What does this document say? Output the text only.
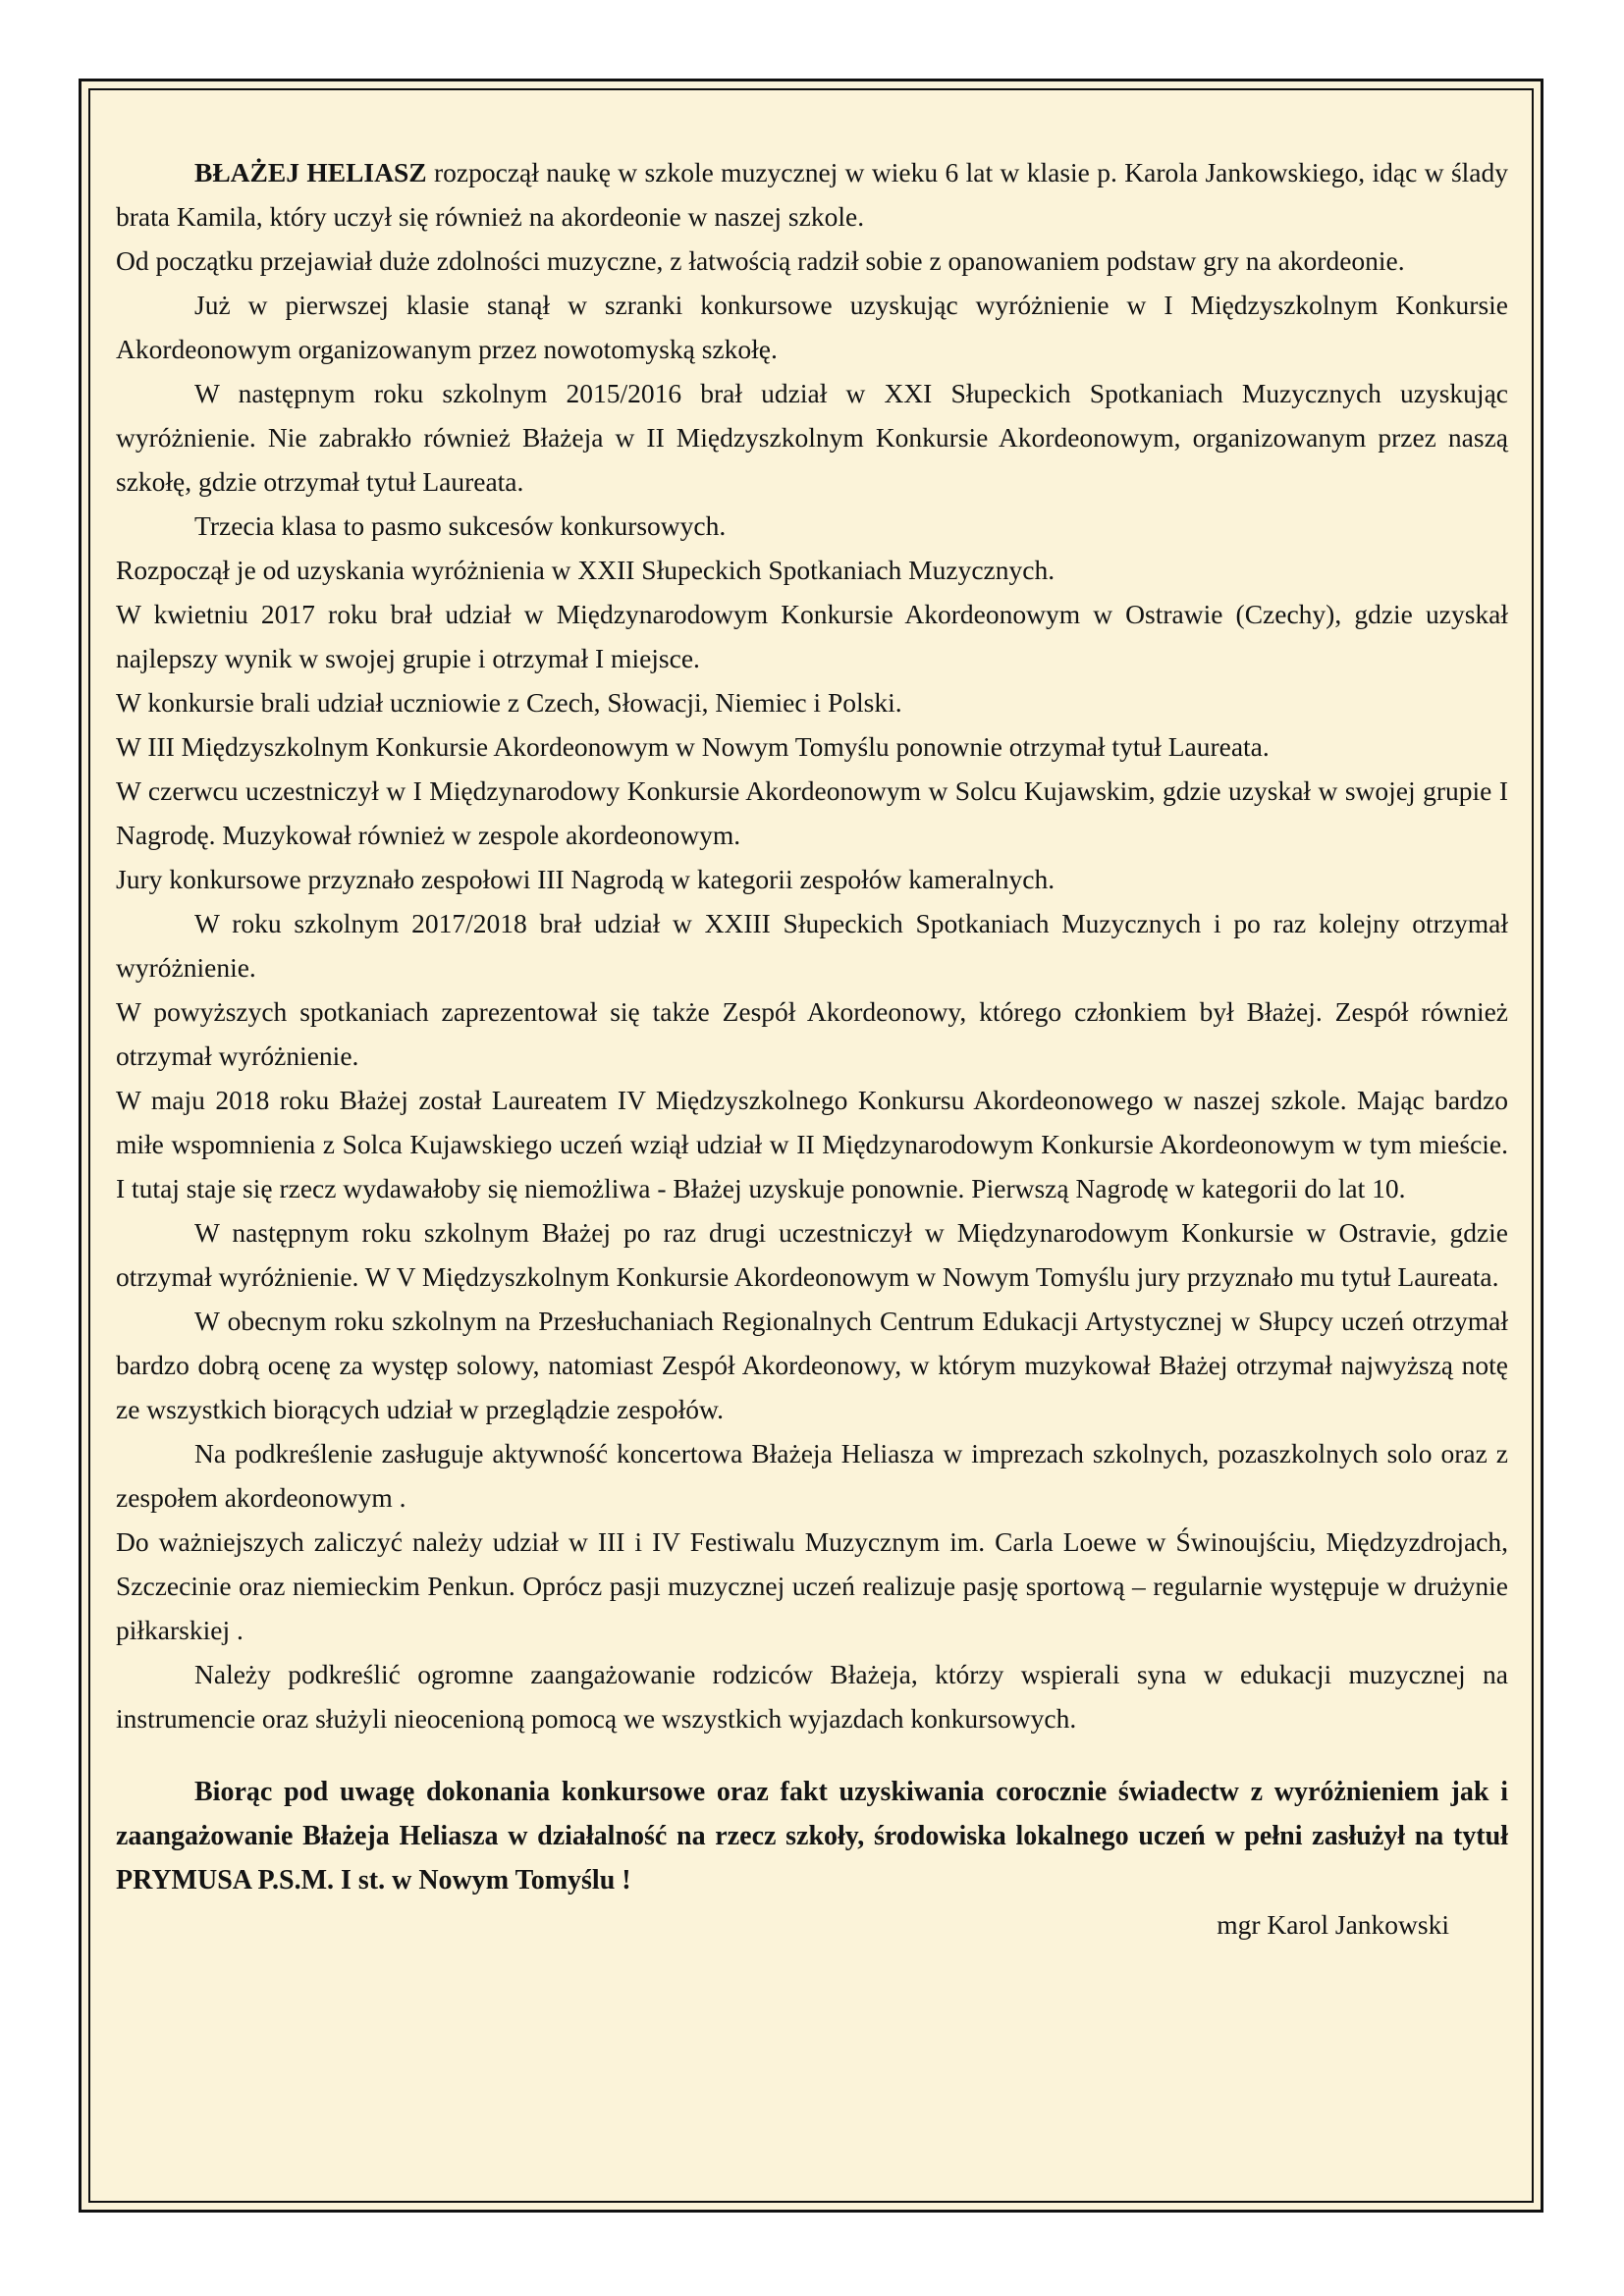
BŁAŻEJ HELIASZ rozpoczął naukę w szkole muzycznej w wieku 6 lat w klasie p. Karola Jankowskiego, idąc w ślady brata Kamila, który uczył się również na akordeonie w naszej szkole.

Od początku przejawiał duże zdolności muzyczne, z łatwością radził sobie z opanowaniem podstaw gry na akordeonie.

Już w pierwszej klasie stanął w szranki konkursowe uzyskując wyróżnienie w I Międzyszkolnym Konkursie Akordeonowym organizowanym przez nowotomyską szkołę.

W następnym roku szkolnym 2015/2016 brał udział w XXI Słupeckich Spotkaniach Muzycznych uzyskując wyróżnienie. Nie zabrakło również Błażeja w II Międzyszkolnym Konkursie Akordeonowym, organizowanym przez naszą szkołę, gdzie otrzymał tytuł Laureata.

Trzecia klasa to pasmo sukcesów konkursowych.

Rozpoczął je od uzyskania wyróżnienia w XXII Słupeckich Spotkaniach Muzycznych.

W kwietniu 2017 roku brał udział w Międzynarodowym Konkursie Akordeonowym w Ostrawie (Czechy), gdzie uzyskał najlepszy wynik w swojej grupie i otrzymał I miejsce.

W konkursie brali udział uczniowie z Czech, Słowacji, Niemiec i Polski.

W III Międzyszkolnym Konkursie Akordeonowym w Nowym Tomyślu ponownie otrzymał tytuł Laureata.

W czerwcu uczestniczył w I Międzynarodowy Konkursie Akordeonowym w Solcu Kujawskim, gdzie uzyskał w swojej grupie I Nagrodę. Muzykował również w zespole akordeonowym.

Jury konkursowe przyznało zespołowi III Nagrodą w kategorii zespołów kameralnych.

W roku szkolnym 2017/2018 brał udział w XXIII Słupeckich Spotkaniach Muzycznych i po raz kolejny otrzymał wyróżnienie.

W powyższych spotkaniach zaprezentował się także Zespół Akordeonowy, którego członkiem był Błażej. Zespół również otrzymał wyróżnienie.

W maju 2018 roku Błażej został Laureatem IV Międzyszkolnego Konkursu Akordeonowego w naszej szkole. Mając bardzo miłe wspomnienia z Solca Kujawskiego uczeń wziął udział w II Międzynarodowym Konkursie Akordeonowym w tym mieście. I tutaj staje się rzecz wydawałoby się niemożliwa - Błażej uzyskuje ponownie. Pierwszą Nagrodę w kategorii do lat 10.

W następnym roku szkolnym Błażej po raz drugi uczestniczył w Międzynarodowym Konkursie w Ostravie, gdzie otrzymał wyróżnienie. W V Międzyszkolnym Konkursie Akordeonowym w Nowym Tomyślu jury przyznało mu tytuł Laureata.

W obecnym roku szkolnym na Przesłuchaniach Regionalnych Centrum Edukacji Artystycznej w Słupcy uczeń otrzymał bardzo dobrą ocenę za występ solowy, natomiast Zespół Akordeonowy, w którym muzykował Błażej otrzymał najwyższą notę ze wszystkich biorących udział w przeglądzie zespołów.

Na podkreślenie zasługuje aktywność koncertowa Błażeja Heliasza w imprezach szkolnych, pozaszkolnych solo oraz z zespołem akordeonowym .

Do ważniejszych zaliczyć należy udział w III i IV Festiwalu Muzycznym im. Carla Loewe w Świnoujściu, Międzyzdrojach, Szczecinie oraz niemieckim Penkun. Oprócz pasji muzycznej uczeń realizuje pasję sportową – regularnie występuje w drużynie piłkarskiej .

Należy podkreślić ogromne zaangażowanie rodziców Błażeja, którzy wspierali syna w edukacji muzycznej na instrumencie oraz służyli nieocenioną pomocą we wszystkich wyjazdach konkursowych.

Biorąc pod uwagę dokonania konkursowe oraz fakt uzyskiwania corocznie świadectw z wyróżnieniem jak i zaangażowanie Błażeja Heliasza w działalność na rzecz szkoły, środowiska lokalnego uczeń w pełni zasłużył na tytuł PRYMUSA P.S.M. I st. w Nowym Tomyślu !

mgr Karol Jankowski
